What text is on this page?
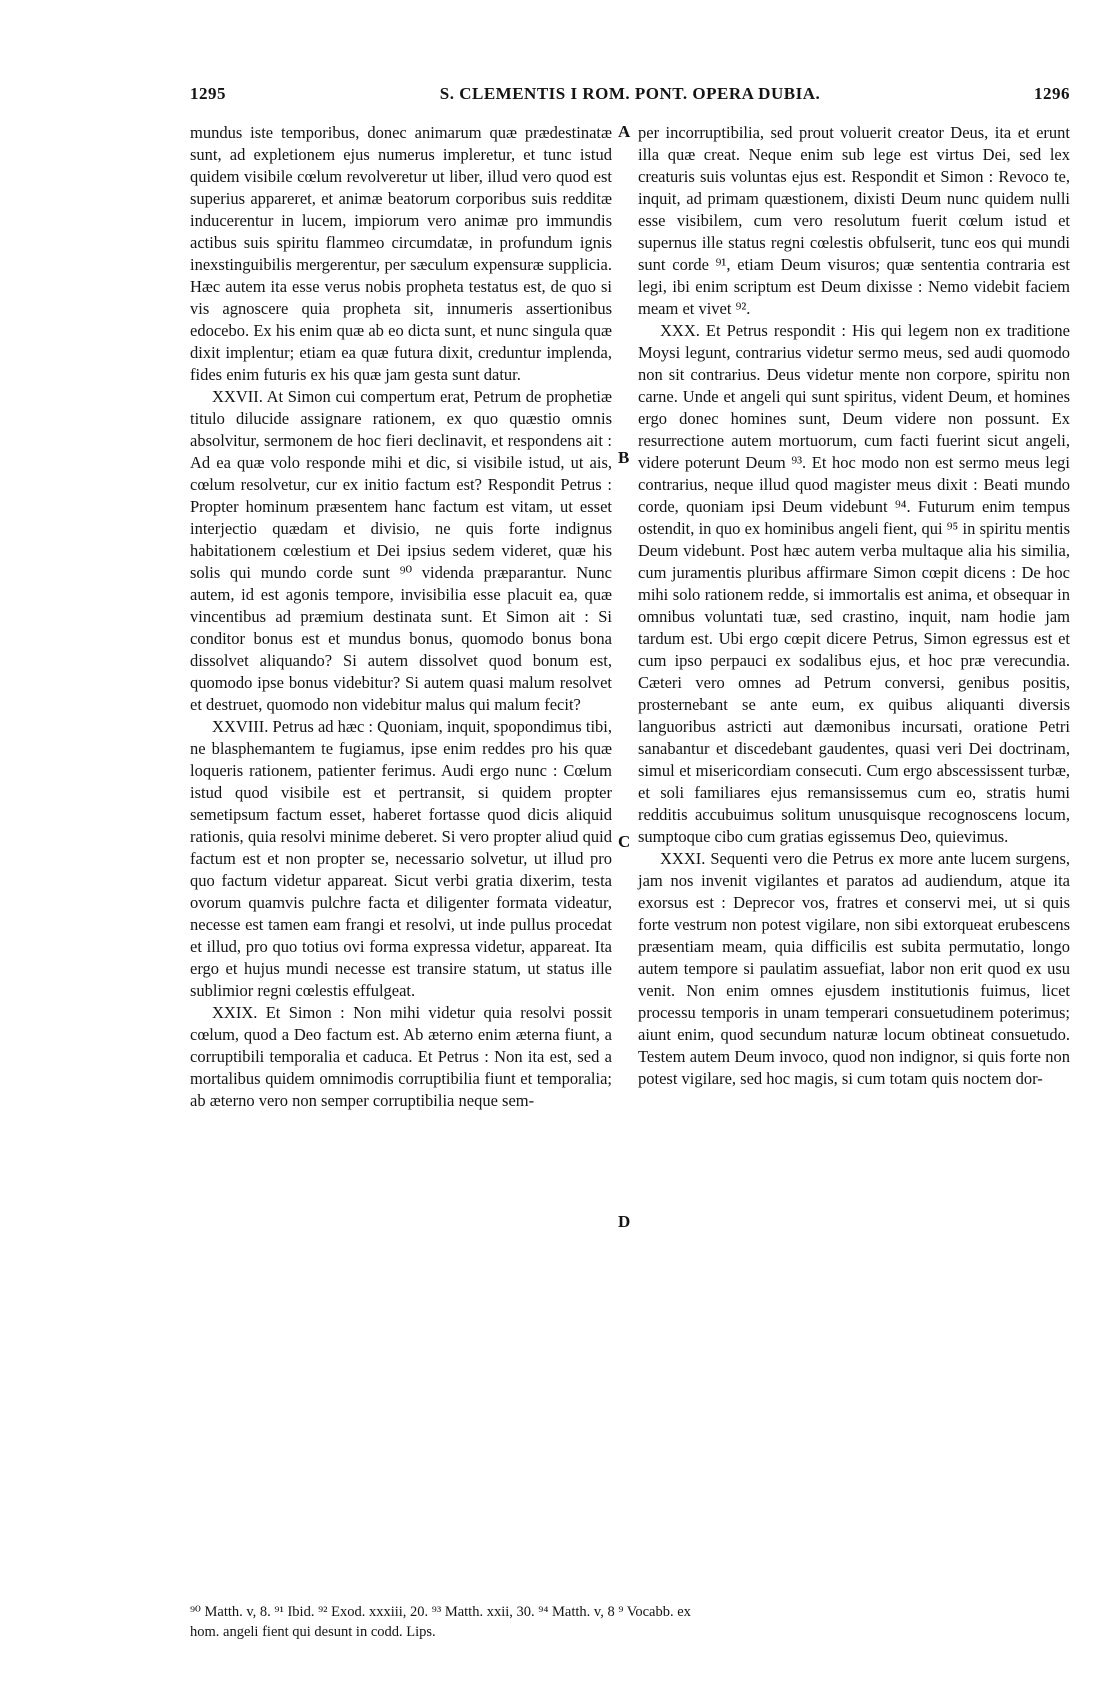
1295	S. CLEMENTIS I ROM. PONT. OPERA DUBIA.	1296

mundus iste temporibus, donec animarum quæ prædestinatæ sunt, ad expletionem ejus numerus impleretur, et tunc istud quidem visibile cœlum revolveretur ut liber, illud vero quod est superius appareret, et animæ beatorum corporibus suis redditæ inducerentur in lucem, impiorum vero animæ pro immundis actibus suis spiritu flammeo circumdatæ, in profundum ignis inexstinguibilis mergerentur, per sæculum expensuræ supplicia. Hæc autem ita esse verus nobis propheta testatus est, de quo si vis agnoscere quia propheta sit, innumeris assertionibus edocebo. Ex his enim quæ ab eo dicta sunt, et nunc singula quæ dixit implentur; etiam ea quæ futura dixit, creduntur implenda, fides enim futuris ex his quæ jam gesta sunt datur.

XXVII. At Simon cui compertum erat, Petrum de prophetiæ titulo dilucide assignare rationem, ex quo quæstio omnis absolvitur, sermonem de hoc fieri declinavit, et respondens ait : Ad ea quæ volo responde mihi et dic, si visibile istud, ut ais, cœlum resolvetur, cur ex initio factum est? Respondit Petrus : Propter hominum præsentem hanc factum est vitam, ut esset interjectio quædam et divisio, ne quis forte indignus habitationem cœlestium et Dei ipsius sedem videret, quæ his solis qui mundo corde sunt ⁹⁰ videnda præparantur. Nunc autem, id est agonis tempore, invisibilia esse placuit ea, quæ vincentibus ad præmium destinata sunt. Et Simon ait : Si conditor bonus est et mundus bonus, quomodo bonus bona dissolvet aliquando? Si autem dissolvet quod bonum est, quomodo ipse bonus videbitur? Si autem quasi malum resolvet et destruet, quomodo non videbitur malus qui malum fecit?

XXVIII. Petrus ad hæc : Quoniam, inquit, spopondimus tibi, ne blasphemantem te fugiamus, ipse enim reddes pro his quæ loqueris rationem, patienter ferimus. Audi ergo nunc : Cœlum istud quod visibile est et pertransit, si quidem propter semetipsum factum esset, haberet fortasse quod dicis aliquid rationis, quia resolvi minime deberet. Si vero propter aliud quid factum est et non propter se, necessario solvetur, ut illud pro quo factum videtur appareat. Sicut verbi gratia dixerim, testa ovorum quamvis pulchre facta et diligenter formata videatur, necesse est tamen eam frangi et resolvi, ut inde pullus procedat et illud, pro quo totius ovi forma expressa videtur, appareat. Ita ergo et hujus mundi necesse est transire statum, ut status ille sublimior regni cœlestis effulgeat.

XXIX. Et Simon : Non mihi videtur quia resolvi possit cœlum, quod a Deo factum est. Ab æterno enim æterna fiunt, a corruptibili temporalia et caduca. Et Petrus : Non ita est, sed a mortalibus quidem omnimodis corruptibilia fiunt et temporalia; ab æterno vero non semper corruptibilia neque sem-

A
B
C
D

per incorruptibilia, sed prout voluerit creator Deus, ita et erunt illa quæ creat. Neque enim sub lege est virtus Dei, sed lex creaturis suis voluntas ejus est. Respondit et Simon : Revoco te, inquit, ad primam quæstionem, dixisti Deum nunc quidem nulli esse visibilem, cum vero resolutum fuerit cœlum istud et supernus ille status regni cœlestis obfulserit, tunc eos qui mundi sunt corde ⁹¹, etiam Deum visuros; quæ sententia contraria est legi, ibi enim scriptum est Deum dixisse : Nemo videbit faciem meam et vivet ⁹².

XXX. Et Petrus respondit : His qui legem non ex traditione Moysi legunt, contrarius videtur sermo meus, sed audi quomodo non sit contrarius. Deus videtur mente non corpore, spiritu non carne. Unde et angeli qui sunt spiritus, vident Deum, et homines ergo donec homines sunt, Deum videre non possunt. Ex resurrectione autem mortuorum, cum facti fuerint sicut angeli, videre poterunt Deum ⁹³. Et hoc modo non est sermo meus legi contrarius, neque illud quod magister meus dixit : Beati mundo corde, quoniam ipsi Deum videbunt ⁹⁴. Futurum enim tempus ostendit, in quo ex hominibus angeli fient, qui ⁹⁵ in spiritu mentis Deum videbunt. Post hæc autem verba multaque alia his similia, cum juramentis pluribus affirmare Simon cœpit dicens : De hoc mihi solo rationem redde, si immortalis est anima, et obsequar in omnibus voluntati tuæ, sed crastino, inquit, nam hodie jam tardum est. Ubi ergo cœpit dicere Petrus, Simon egressus est et cum ipso perpauci ex sodalibus ejus, et hoc præ verecundia. Cæteri vero omnes ad Petrum conversi, genibus positis, prosternebant se ante eum, ex quibus aliquanti diversis languoribus astricti aut dæmonibus incursati, oratione Petri sanabantur et discedebant gaudentes, quasi veri Dei doctrinam, simul et misericordiam consecuti. Cum ergo abscessissent turbæ, et soli familiares ejus remansissemus cum eo, stratis humi redditis accubuimus solitum unusquisque recognoscens locum, sumptoque cibo cum gratias egissemus Deo, quievimus.

XXXI. Sequenti vero die Petrus ex more ante lucem surgens, jam nos invenit vigilantes et paratos ad audiendum, atque ita exorsus est : Deprecor vos, fratres et conservi mei, ut si quis forte vestrum non potest vigilare, non sibi extorqueat erubescens præsentiam meam, quia difficilis est subita permutatio, longo autem tempore si paulatim assuefiat, labor non erit quod ex usu venit. Non enim omnes ejusdem institutionis fuimus, licet processu temporis in unam temperari consuetudinem poterimus; aiunt enim, quod secundum naturæ locum obtineat consuetudo. Testem autem Deum invoco, quod non indignor, si quis forte non potest vigilare, sed hoc magis, si cum totam quis noctem dor-

⁹⁰ Matth. v, 8. ⁹¹ Ibid. ⁹² Exod. xxxiii, 20. ⁹³ Matth. xxii, 30. ⁹⁴ Matth. v, 8 ⁹ Vocabb. ex
hom. angeli fient qui desunt in codd. Lips.
